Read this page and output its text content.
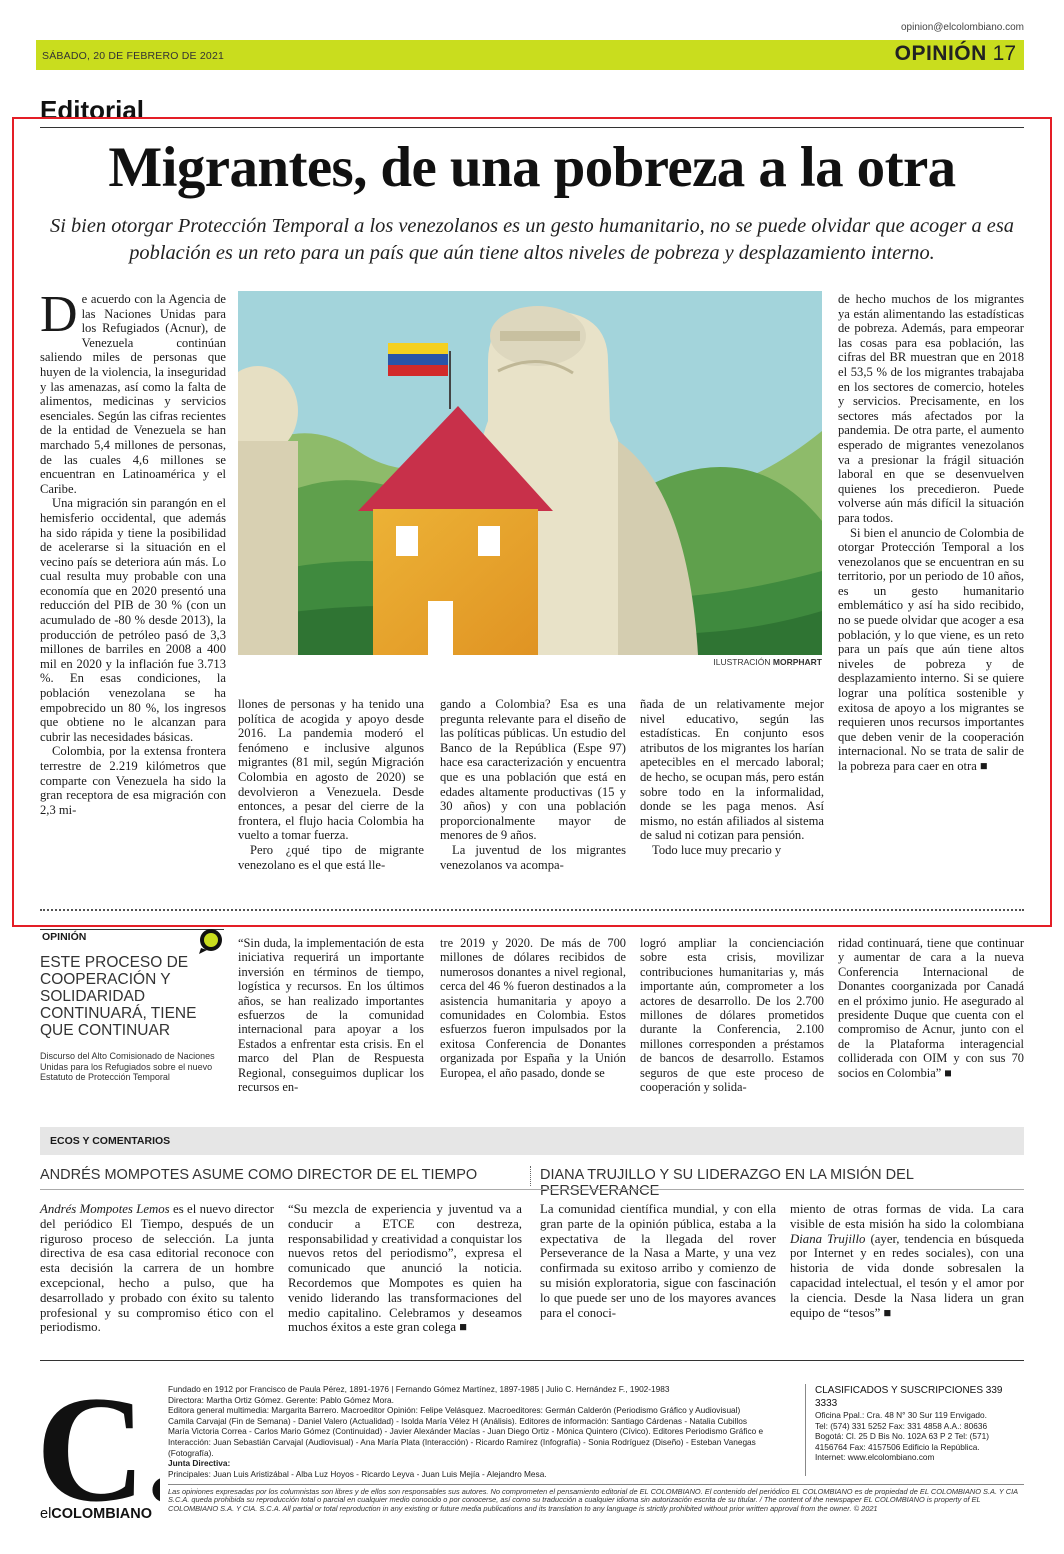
opinion@elcolombiano.com
SÁBADO, 20 DE FEBRERO DE 2021	OPINIÓN 17
Editorial
Migrantes, de una pobreza a la otra
Si bien otorgar Protección Temporal a los venezolanos es un gesto humanitario, no se puede olvidar que acoger a esa población es un reto para un país que aún tiene altos niveles de pobreza y desplazamiento interno.

De acuerdo con la Agencia de las Naciones Unidas para los Refugiados (Acnur), de Venezuela continúan saliendo miles de personas que huyen de la violencia, la inseguridad y las amenazas, así como la falta de alimentos, medicinas y servicios esenciales. Según las cifras recientes de la entidad de Venezuela se han marchado 5,4 millones de personas, de las cuales 4,6 millones se encuentran en Latinoamérica y el Caribe.

Una migración sin parangón en el hemisferio occidental, que además ha sido rápida y tiene la posibilidad de acelerarse si la situación en el vecino país se deteriora aún más. Lo cual resulta muy probable con una economía que en 2020 presentó una reducción del PIB de 30 % (con un acumulado de -80 % desde 2013), la producción de petróleo pasó de 3,3 millones de barriles en 2008 a 400 mil en 2020 y la inflación fue 3.713 %. En esas condiciones, la población venezolana se ha empobrecido un 80 %, los ingresos que obtiene no le alcanzan para cubrir las necesidades básicas.

Colombia, por la extensa frontera terrestre de 2.219 kilómetros que comparte con Venezuela ha sido la gran receptora de esa migración con 2,3 mi-

ILUSTRACIÓN MORPHART

llones de personas y ha tenido una política de acogida y apoyo desde 2016. La pandemia moderó el fenómeno e inclusive algunos migrantes (81 mil, según Migración Colombia en agosto de 2020) se devolvieron a Venezuela. Desde entonces, a pesar del cierre de la frontera, el flujo hacia Colombia ha vuelto a tomar fuerza.

Pero ¿qué tipo de migrante venezolano es el que está lle-

gando a Colombia? Esa es una pregunta relevante para el diseño de las políticas públicas. Un estudio del Banco de la República (Espe 97) hace esa caracterización y encuentra que es una población que está en edades altamente productivas (15 y 30 años) y con una población proporcionalmente mayor de menores de 9 años.

La juventud de los migrantes venezolanos va acompa-

ñada de un relativamente mejor nivel educativo, según las estadísticas. En conjunto esos atributos de los migrantes los harían apetecibles en el mercado laboral; de hecho, se ocupan más, pero están sobre todo en la informalidad, donde se les paga menos. Así mismo, no están afiliados al sistema de salud ni cotizan para pensión.

Todo luce muy precario y

de hecho muchos de los migrantes ya están alimentando las estadísticas de pobreza. Además, para empeorar las cosas para esa población, las cifras del BR muestran que en 2018 el 53,5 % de los migrantes trabajaba en los sectores de comercio, hoteles y servicios. Precisamente, en los sectores más afectados por la pandemia. De otra parte, el aumento esperado de migrantes venezolanos va a presionar la frágil situación laboral en que se desenvuelven quienes los precedieron. Puede volverse aún más difícil la situación para todos.

Si bien el anuncio de Colombia de otorgar Protección Temporal a los venezolanos que se encuentran en su territorio, por un periodo de 10 años, es un gesto humanitario emblemático y así ha sido recibido, no se puede olvidar que acoger a esa población, y lo que viene, es un reto para un país que aún tiene altos niveles de pobreza y de desplazamiento interno. Si se quiere lograr una política sostenible y exitosa de apoyo a los migrantes se requieren unos recursos importantes que deben venir de la cooperación internacional. No se trata de salir de la pobreza para caer en otra ■

OPINIÓN
ESTE PROCESO DE COOPERACIÓN Y SOLIDARIDAD CONTINUARÁ, TIENE QUE CONTINUAR
Discurso del Alto Comisionado de Naciones Unidas para los Refugiados sobre el nuevo Estatuto de Protección Temporal

“Sin duda, la implementación de esta iniciativa requerirá un importante inversión en términos de tiempo, logística y recursos. En los últimos años, se han realizado importantes esfuerzos de la comunidad internacional para apoyar a los Estados a enfrentar esta crisis. En el marco del Plan de Respuesta Regional, conseguimos duplicar los recursos en-

tre 2019 y 2020. De más de 700 millones de dólares recibidos de numerosos donantes a nivel regional, cerca del 46 % fueron destinados a la asistencia humanitaria y apoyo a comunidades en Colombia. Estos esfuerzos fueron impulsados por la exitosa Conferencia de Donantes organizada por España y la Unión Europea, el año pasado, donde se

logró ampliar la concienciación sobre esta crisis, movilizar contribuciones humanitarias y, más importante aún, comprometer a los actores de desarrollo. De los 2.700 millones de dólares prometidos durante la Conferencia, 2.100 millones corresponden a préstamos de bancos de desarrollo. Estamos seguros de que este proceso de cooperación y solida-

ridad continuará, tiene que continuar y aumentar de cara a la nueva Conferencia Internacional de Donantes coorganizada por Canadá en el próximo junio. He asegurado al presidente Duque que cuenta con el compromiso de Acnur, junto con el de la Plataforma interagencial colliderada con OIM y con sus 70 socios en Colombia” ■

ECOS Y COMENTARIOS
ANDRÉS MOMPOTES ASUME COMO DIRECTOR DE EL TIEMPO	DIANA TRUJILLO Y SU LIDERAZGO EN LA MISIÓN DEL PERSEVERANCE

Andrés Mompotes Lemos es el nuevo director del periódico El Tiempo, después de un riguroso proceso de selección. La junta directiva de esa casa editorial reconoce con esta decisión la carrera de un hombre excepcional, hecho a pulso, que ha desarrollado y probado con éxito su talento profesional y su compromiso ético con el periodismo.

“Su mezcla de experiencia y juventud va a conducir a ETCE con destreza, responsabilidad y creatividad a conquistar los nuevos retos del periodismo”, expresa el comunicado que anunció la noticia. Recordemos que Mompotes es quien ha venido liderando las transformaciones del medio capitalino. Celebramos y deseamos muchos éxitos a este gran colega ■

La comunidad científica mundial, y con ella gran parte de la opinión pública, estaba a la expectativa de la llegada del rover Perseverance de la Nasa a Marte, y una vez confirmada su exitoso arribo y comienzo de su misión exploratoria, sigue con fascinación lo que puede ser uno de los mayores avances para el conoci-

miento de otras formas de vida. La cara visible de esta misión ha sido la colombiana Diana Trujillo (ayer, tendencia en búsqueda por Internet y en redes sociales), con una historia de vida donde sobresalen la capacidad intelectual, el tesón y el amor por la ciencia. Desde la Nasa lidera un gran equipo de “tesos” ■

C
elCOLOMBIANO
Fundado en 1912 por Francisco de Paula Pérez, 1891-1976 | Fernando Gómez Martínez, 1897-1985 | Julio C. Hernández F., 1902-1983
Directora: Martha Ortiz Gómez. Gerente: Pablo Gómez Mora.
Editora general multimedia: Margarita Barrero. Macroeditor Opinión: Felipe Velásquez. Macroeditores: Germán Calderón (Periodismo Gráfico y Audiovisual)
Camila Carvajal (Fin de Semana) - Daniel Valero (Actualidad) - Isolda María Vélez H (Análisis). Editores de información: Santiago Cárdenas - Natalia Cubillos
María Victoria Correa - Carlos Mario Gómez (Continuidad) - Javier Alexánder Macías - Juan Diego Ortiz - Mónica Quintero (Cívico). Editores Periodismo Gráfico e
Interacción: Juan Sebastián Carvajal (Audiovisual) - Ana María Plata (Interacción) - Ricardo Ramírez (Infografía) - Sonia Rodríguez (Diseño) - Esteban Vanegas (Fotografía).
Junta Directiva:
Principales: Juan Luis Aristizábal - Alba Luz Hoyos - Ricardo Leyva - Juan Luis Mejía - Alejandro Mesa.
CLASIFICADOS Y SUSCRIPCIONES 339 3333
Oficina Ppal.: Cra. 48 N° 30 Sur 119 Envigado.
Tel: (574) 331 5252 Fax: 331 4858 A.A.: 80636
Bogotá: Cl. 25 D Bis No. 102A 63 P 2 Tel: (571)
4156764 Fax: 4157506 Edificio la República.
Internet: www.elcolombiano.com
Las opiniones expresadas por los columnistas son libres y de ellos son responsables sus autores. No comprometen el pensamiento editorial de EL COLOMBIANO. El contenido del periódico EL COLOMBIANO es de propiedad de EL COLOMBIANO S.A. Y CIA S.C.A. queda prohibida su reproducción total o parcial en cualquier medio conocido o por conocerse, así como su traducción a cualquier idioma sin autorización escrita de su titular. / The content of the newspaper EL COLOMBIANO is property of EL COLOMBIANO S.A. Y CIA. S.C.A. All partial or total reproduction in any existing or future media publications and its translation to any language is strictly prohibited without prior written approval from the owner. © 2021
